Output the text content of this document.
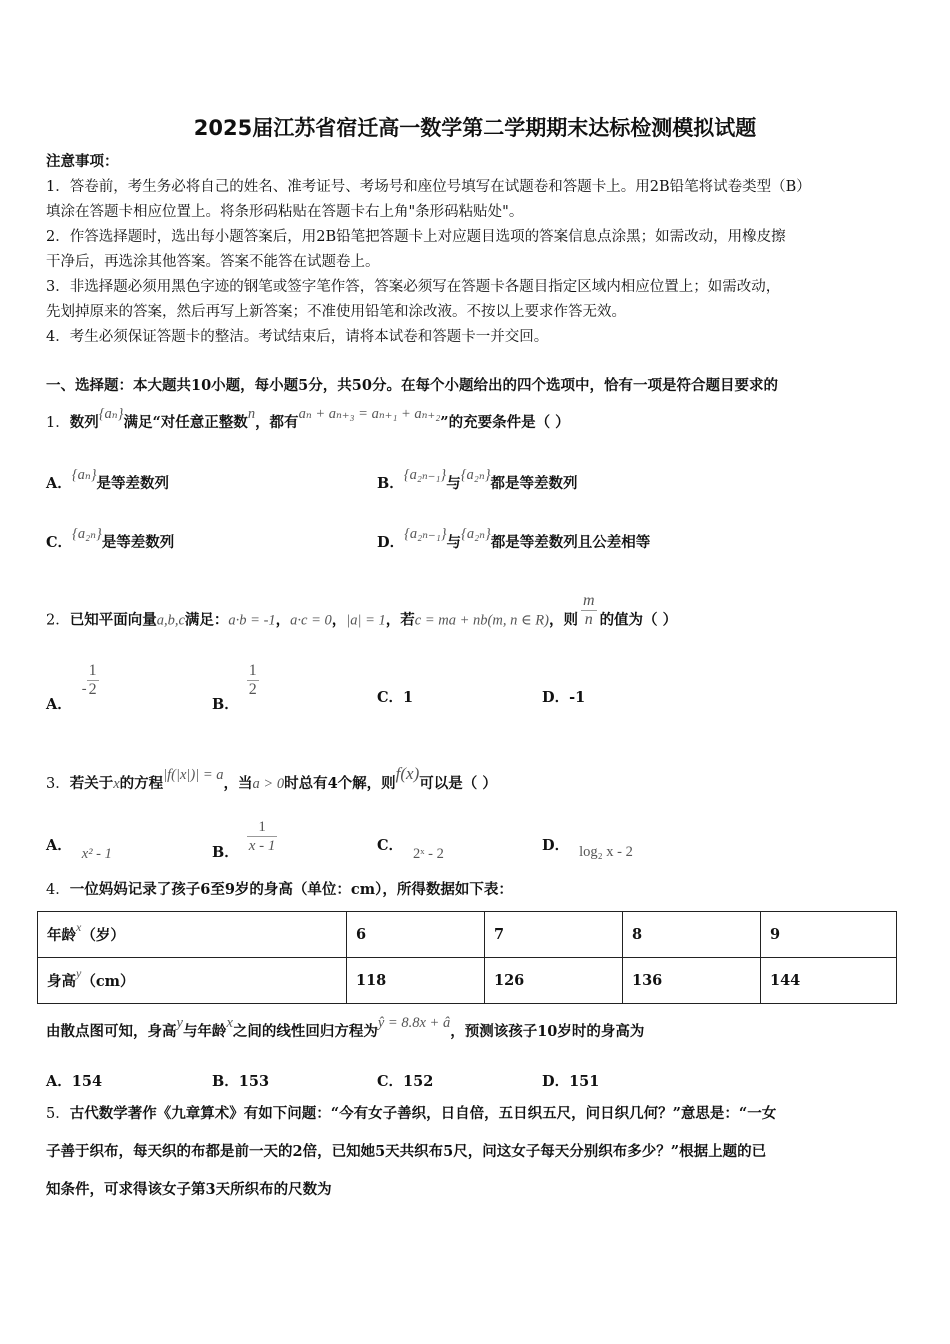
2025届江苏省宿迁高一数学第二学期期末达标检测模拟试题
注意事项：
1．答卷前，考生务必将自己的姓名、准考证号、考场号和座位号填写在试题卷和答题卡上。用2B铅笔将试卷类型（B）
填涂在答题卡相应位置上。将条形码粘贴在答题卡右上角"条形码粘贴处"。
2．作答选择题时，选出每小题答案后，用2B铅笔把答题卡上对应题目选项的答案信息点涂黑；如需改动，用橡皮擦
干净后，再选涂其他答案。答案不能答在试题卷上。
3．非选择题必须用黑色字迹的钢笔或签字笔作答，答案必须写在答题卡各题目指定区域内相应位置上；如需改动，
先划掉原来的答案，然后再写上新答案；不准使用铅笔和涂改液。不按以上要求作答无效。
4．考生必须保证答题卡的整洁。考试结束后，请将本试卷和答题卡一并交回。
一、选择题：本大题共10小题，每小题5分，共50分。在每个小题给出的四个选项中，恰有一项是符合题目要求的
1．数列{aₙ}满足“对任意正整数n，都有aₙ + aₙ₊₃ = aₙ₊₁ + aₙ₊₂”的充要条件是（ ）
A．{aₙ}是等差数列	B．{a₂ₙ₋₁}与{a₂ₙ}都是等差数列
C．{a₂ₙ}是等差数列	D．{a₂ₙ₋₁}与{a₂ₙ}都是等差数列且公差相等
2．已知平面向量a,b,c满足：a·b = -1，a·c = 0，|a| = 1，若c = ma + nb(m, n ∈ R)，则 $\frac{m}{n}$ 的值为（ ）
A．- $\frac{1}{2}$
B．
$\frac{1}{2}$	C．1	D．-1
3．若关于x的方程|f(|x|)| = a，当a > 0时总有4个解，则f(x)可以是（ ）
A． x² - 1	B． $\frac{1}{x - 1}$	C． 2ˣ - 2	D． log₂ x - 2
4．一位妈妈记录了孩子6至9岁的身高（单位：cm），所得数据如下表：
年龄$^x$（岁）	6	7	8	9
身高$^y$（cm）	118	126	136	144
由散点图可知，身高y与年龄x之间的线性回归方程为ŷ = 8.8x + â，预测该孩子10岁时的身高为
A．154	B．153	C．152	D．151
5．古代数学著作《九章算术》有如下问题：“今有女子善织，日自倍，五日织五尺，问日织几何？”意思是：“一女
子善于织布，每天织的布都是前一天的2倍，已知她5天共织布5尺，问这女子每天分别织布多少？”根据上题的已
知条件，可求得该女子第3天所织布的尺数为
